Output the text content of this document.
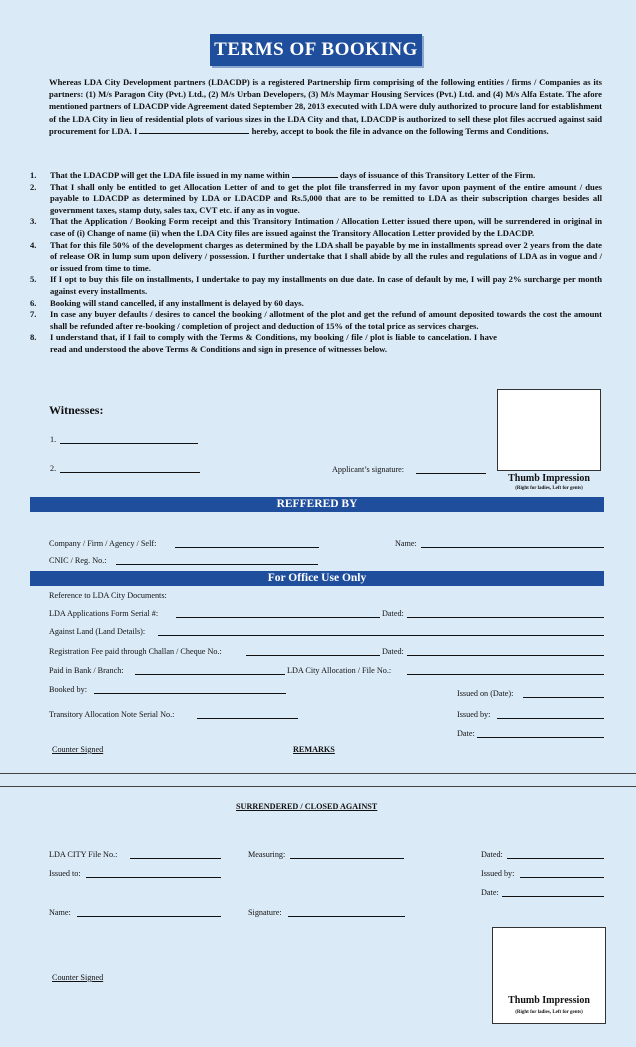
TERMS OF BOOKING
Whereas LDA City Development partners (LDACDP) is a registered Partnership firm comprising of the following entities / firms / Companies as its partners: (1) M/s Paragon City (Pvt.) Ltd., (2) M/s Urban Developers, (3) M/s Maymar Housing Services (Pvt.) Ltd. and (4) M/s Alfa Estate. The afore mentioned partners of LDACDP vide Agreement dated September 28, 2013 executed with LDA were duly authorized to procure land for establishment of the LDA City in lieu of residential plots of various sizes in the LDA City and that, LDACDP is authorized to sell these plot files accrued against said procurement for LDA. I	hereby, accept to book the file in advance on the following Terms and Conditions.
1. That the LDACDP will get the LDA file issued in my name within	days of issuance of this Transitory Letter of the Firm.
2. That I shall only be entitled to get Allocation Letter of and to get the plot file transferred in my favor upon payment of the entire amount / dues payable to LDACDP as determined by LDA or LDACDP and Rs.5,000 that are to be remitted to LDA as their subscription charges besides all government taxes, stamp duty, sales tax, CVT etc. if any as in vogue.
3. That the Application / Booking Form receipt and this Transitory Intimation / Allocation Letter issued there upon, will be surrendered in original in case of (i) Change of name (ii) when the LDA City files are issued against the Transitory Allocation Letter provided by the LDACDP.
4. That for this file 50% of the development charges as determined by the LDA shall be payable by me in installments spread over 2 years from the date of release OR in lump sum upon delivery / possession. I further undertake that I shall abide by all the rules and regulations of LDA as in vogue and / or issued from time to time.
5. If I opt to buy this file on installments, I undertake to pay my installments on due date. In case of default by me, I will pay 2% surcharge per month against every installments.
6. Booking will stand cancelled, if any installment is delayed by 60 days.
7. In case any buyer defaults / desires to cancel the booking / allotment of the plot and get the refund of amount deposited towards the cost the amount shall be refunded after re-booking / completion of project and deduction of 15% of the total price as services charges.
8. I understand that, if I fail to comply with the Terms & Conditions, my booking / file / plot is liable to cancelation. I have read and understood the above Terms & Conditions and sign in presence of witnesses below.
Witnesses:
1.
2.	Applicant’s signature:
Thumb Impression
(Right for ladies, Left for gents)
REFFERED BY
Company / Firm / Agency / Self:	Name:
CNIC / Reg. No.:
For Office Use Only
Reference to LDA City Documents:
LDA Applications Form Serial #:	Dated:
Against Land (Land Details):
Registration Fee paid through Challan / Cheque No.:	Dated:
Paid in Bank / Branch:	LDA City Allocation / File No.:
Booked by:	Issued on (Date):
Transitory Allocation Note Serial No.:	Issued by:
Date:
Counter Signed	REMARKS
SURRENDERED / CLOSED AGAINST
LDA CITY File No.:	Measuring:	Dated:
Issued to:	Issued by:
Date:
Name:	Signature:
Counter Signed
Thumb Impression
(Right for ladies, Left for gents)
